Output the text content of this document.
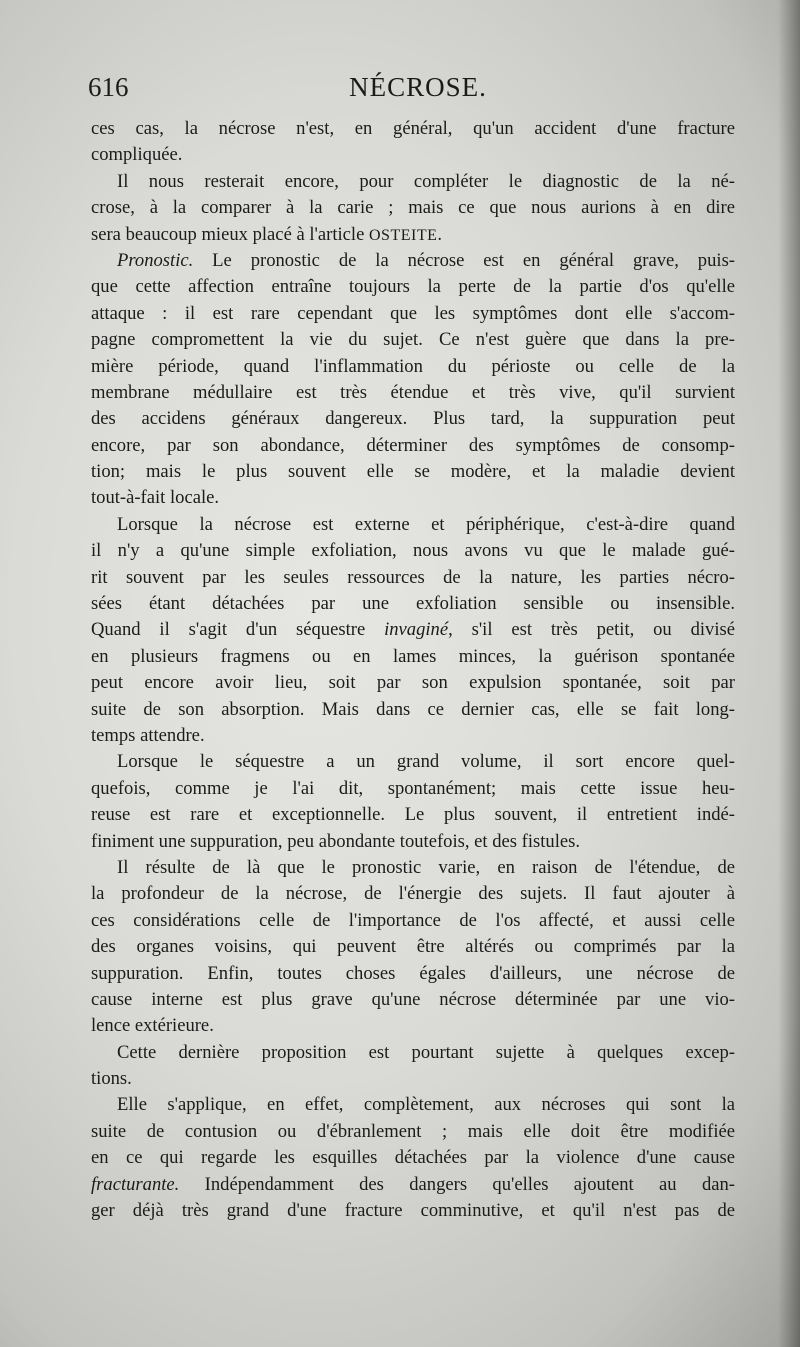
616	NÉCROSE.
ces cas, la nécrose n'est, en général, qu'un accident d'une fracture
compliquée.
Il nous resterait encore, pour compléter le diagnostic de la né-
crose, à la comparer à la carie ; mais ce que nous aurions à en dire
sera beaucoup mieux placé à l'article OSTEITE.
Pronostic. Le pronostic de la nécrose est en général grave, puis-
que cette affection entraîne toujours la perte de la partie d'os qu'elle
attaque : il est rare cependant que les symptômes dont elle s'accom-
pagne compromettent la vie du sujet. Ce n'est guère que dans la pre-
mière période, quand l'inflammation du périoste ou celle de la
membrane médullaire est très étendue et très vive, qu'il survient
des accidens généraux dangereux. Plus tard, la suppuration peut
encore, par son abondance, déterminer des symptômes de consomp-
tion; mais le plus souvent elle se modère, et la maladie devient
tout-à-fait locale.
Lorsque la nécrose est externe et périphérique, c'est-à-dire quand
il n'y a qu'une simple exfoliation, nous avons vu que le malade gué-
rit souvent par les seules ressources de la nature, les parties nécro-
sées étant détachées par une exfoliation sensible ou insensible.
Quand il s'agit d'un séquestre invaginé, s'il est très petit, ou divisé
en plusieurs fragmens ou en lames minces, la guérison spontanée
peut encore avoir lieu, soit par son expulsion spontanée, soit par
suite de son absorption. Mais dans ce dernier cas, elle se fait long-
temps attendre.
Lorsque le séquestre a un grand volume, il sort encore quel-
quefois, comme je l'ai dit, spontanément; mais cette issue heu-
reuse est rare et exceptionnelle. Le plus souvent, il entretient indé-
finiment une suppuration, peu abondante toutefois, et des fistules.
Il résulte de là que le pronostic varie, en raison de l'étendue, de
la profondeur de la nécrose, de l'énergie des sujets. Il faut ajouter à
ces considérations celle de l'importance de l'os affecté, et aussi celle
des organes voisins, qui peuvent être altérés ou comprimés par la
suppuration. Enfin, toutes choses égales d'ailleurs, une nécrose de
cause interne est plus grave qu'une nécrose déterminée par une vio-
lence extérieure.
Cette dernière proposition est pourtant sujette à quelques excep-
tions.
Elle s'applique, en effet, complètement, aux nécroses qui sont la
suite de contusion ou d'ébranlement ; mais elle doit être modifiée
en ce qui regarde les esquilles détachées par la violence d'une cause
fracturante. Indépendamment des dangers qu'elles ajoutent au dan-
ger déjà très grand d'une fracture comminutive, et qu'il n'est pas de
